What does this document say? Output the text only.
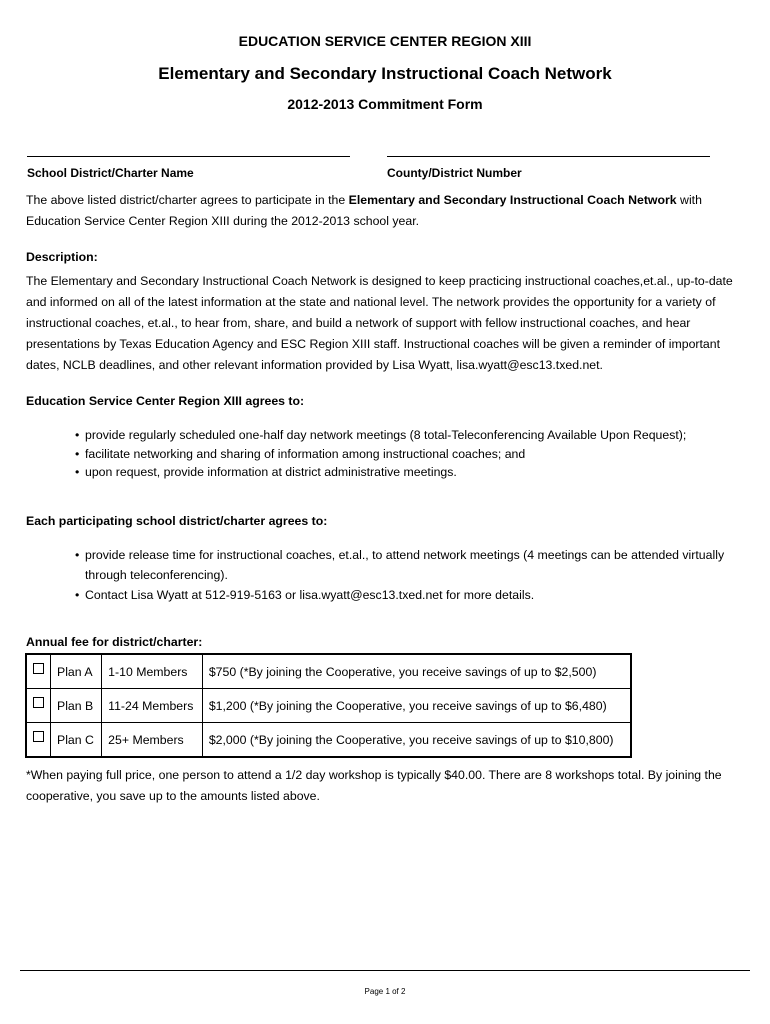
EDUCATION SERVICE CENTER REGION XIII
Elementary and Secondary Instructional Coach Network
2012-2013 Commitment Form
School District/Charter Name	County/District Number
The above listed district/charter agrees to participate in the Elementary and Secondary Instructional Coach Network with Education Service Center Region XIII during the 2012-2013 school year.
Description:
The Elementary and Secondary Instructional Coach Network is designed to keep practicing instructional coaches,et.al., up-to-date and informed on all of the latest information at the state and national level. The network provides the opportunity for a variety of instructional coaches, et.al., to hear from, share, and build a network of support with fellow instructional coaches, and hear presentations by Texas Education Agency and ESC Region XIII staff. Instructional coaches will be given a reminder of important dates, NCLB deadlines, and other relevant information provided by Lisa Wyatt, lisa.wyatt@esc13.txed.net.
Education Service Center Region XIII agrees to:
• provide regularly scheduled one-half day network meetings (8 total-Teleconferencing Available Upon Request);
• facilitate networking and sharing of information among instructional coaches; and
• upon request, provide information at district administrative meetings.
Each participating school district/charter agrees to:
• provide release time for instructional coaches, et.al., to attend network meetings (4 meetings can be attended virtually through teleconferencing).
• Contact Lisa Wyatt at 512-919-5163 or lisa.wyatt@esc13.txed.net for more details.
Annual fee for district/charter:
	Plan A	1-10 Members	$750 (*By joining the Cooperative, you receive savings of up to $2,500)
	Plan B	11-24 Members	$1,200 (*By joining the Cooperative, you receive savings of up to $6,480)
	Plan C	25+ Members	$2,000 (*By joining the Cooperative, you receive savings of up to $10,800)
*When paying full price, one person to attend a 1/2 day workshop is typically $40.00. There are 8 workshops total. By joining the cooperative, you save up to the amounts listed above.
Page 1 of 2
